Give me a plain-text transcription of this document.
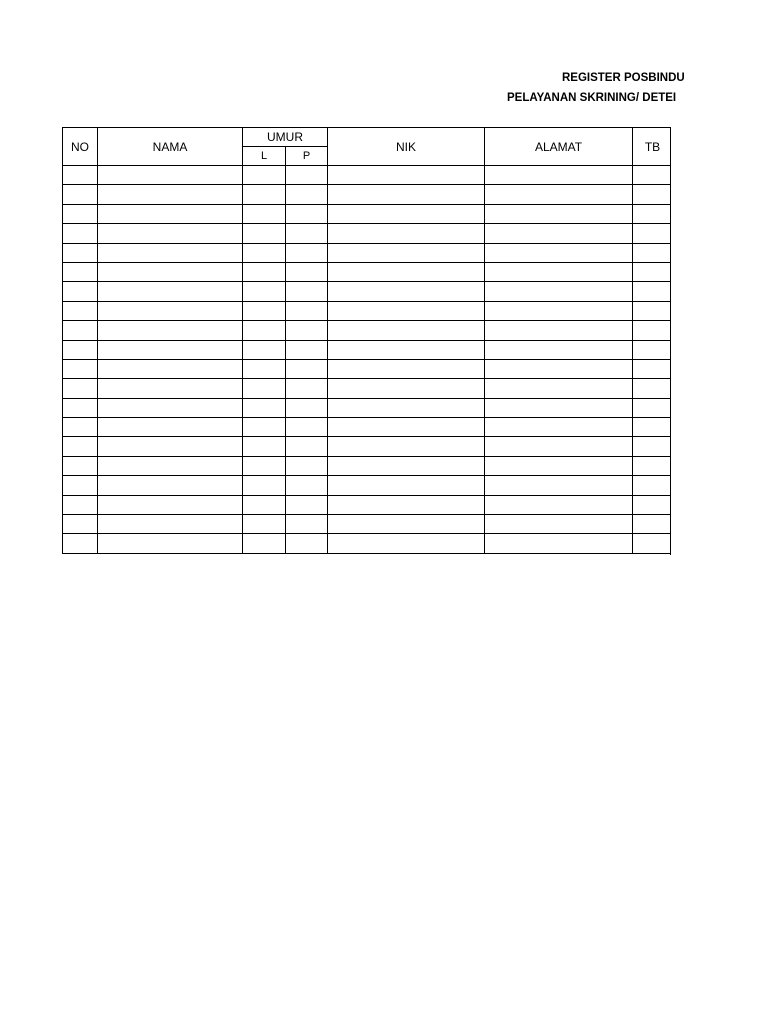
REGISTER POSBINDU
PELAYANAN SKRINING/ DETEI
NO	NAMA	UMUR		NIK	ALAMAT	TB
		L	P			
